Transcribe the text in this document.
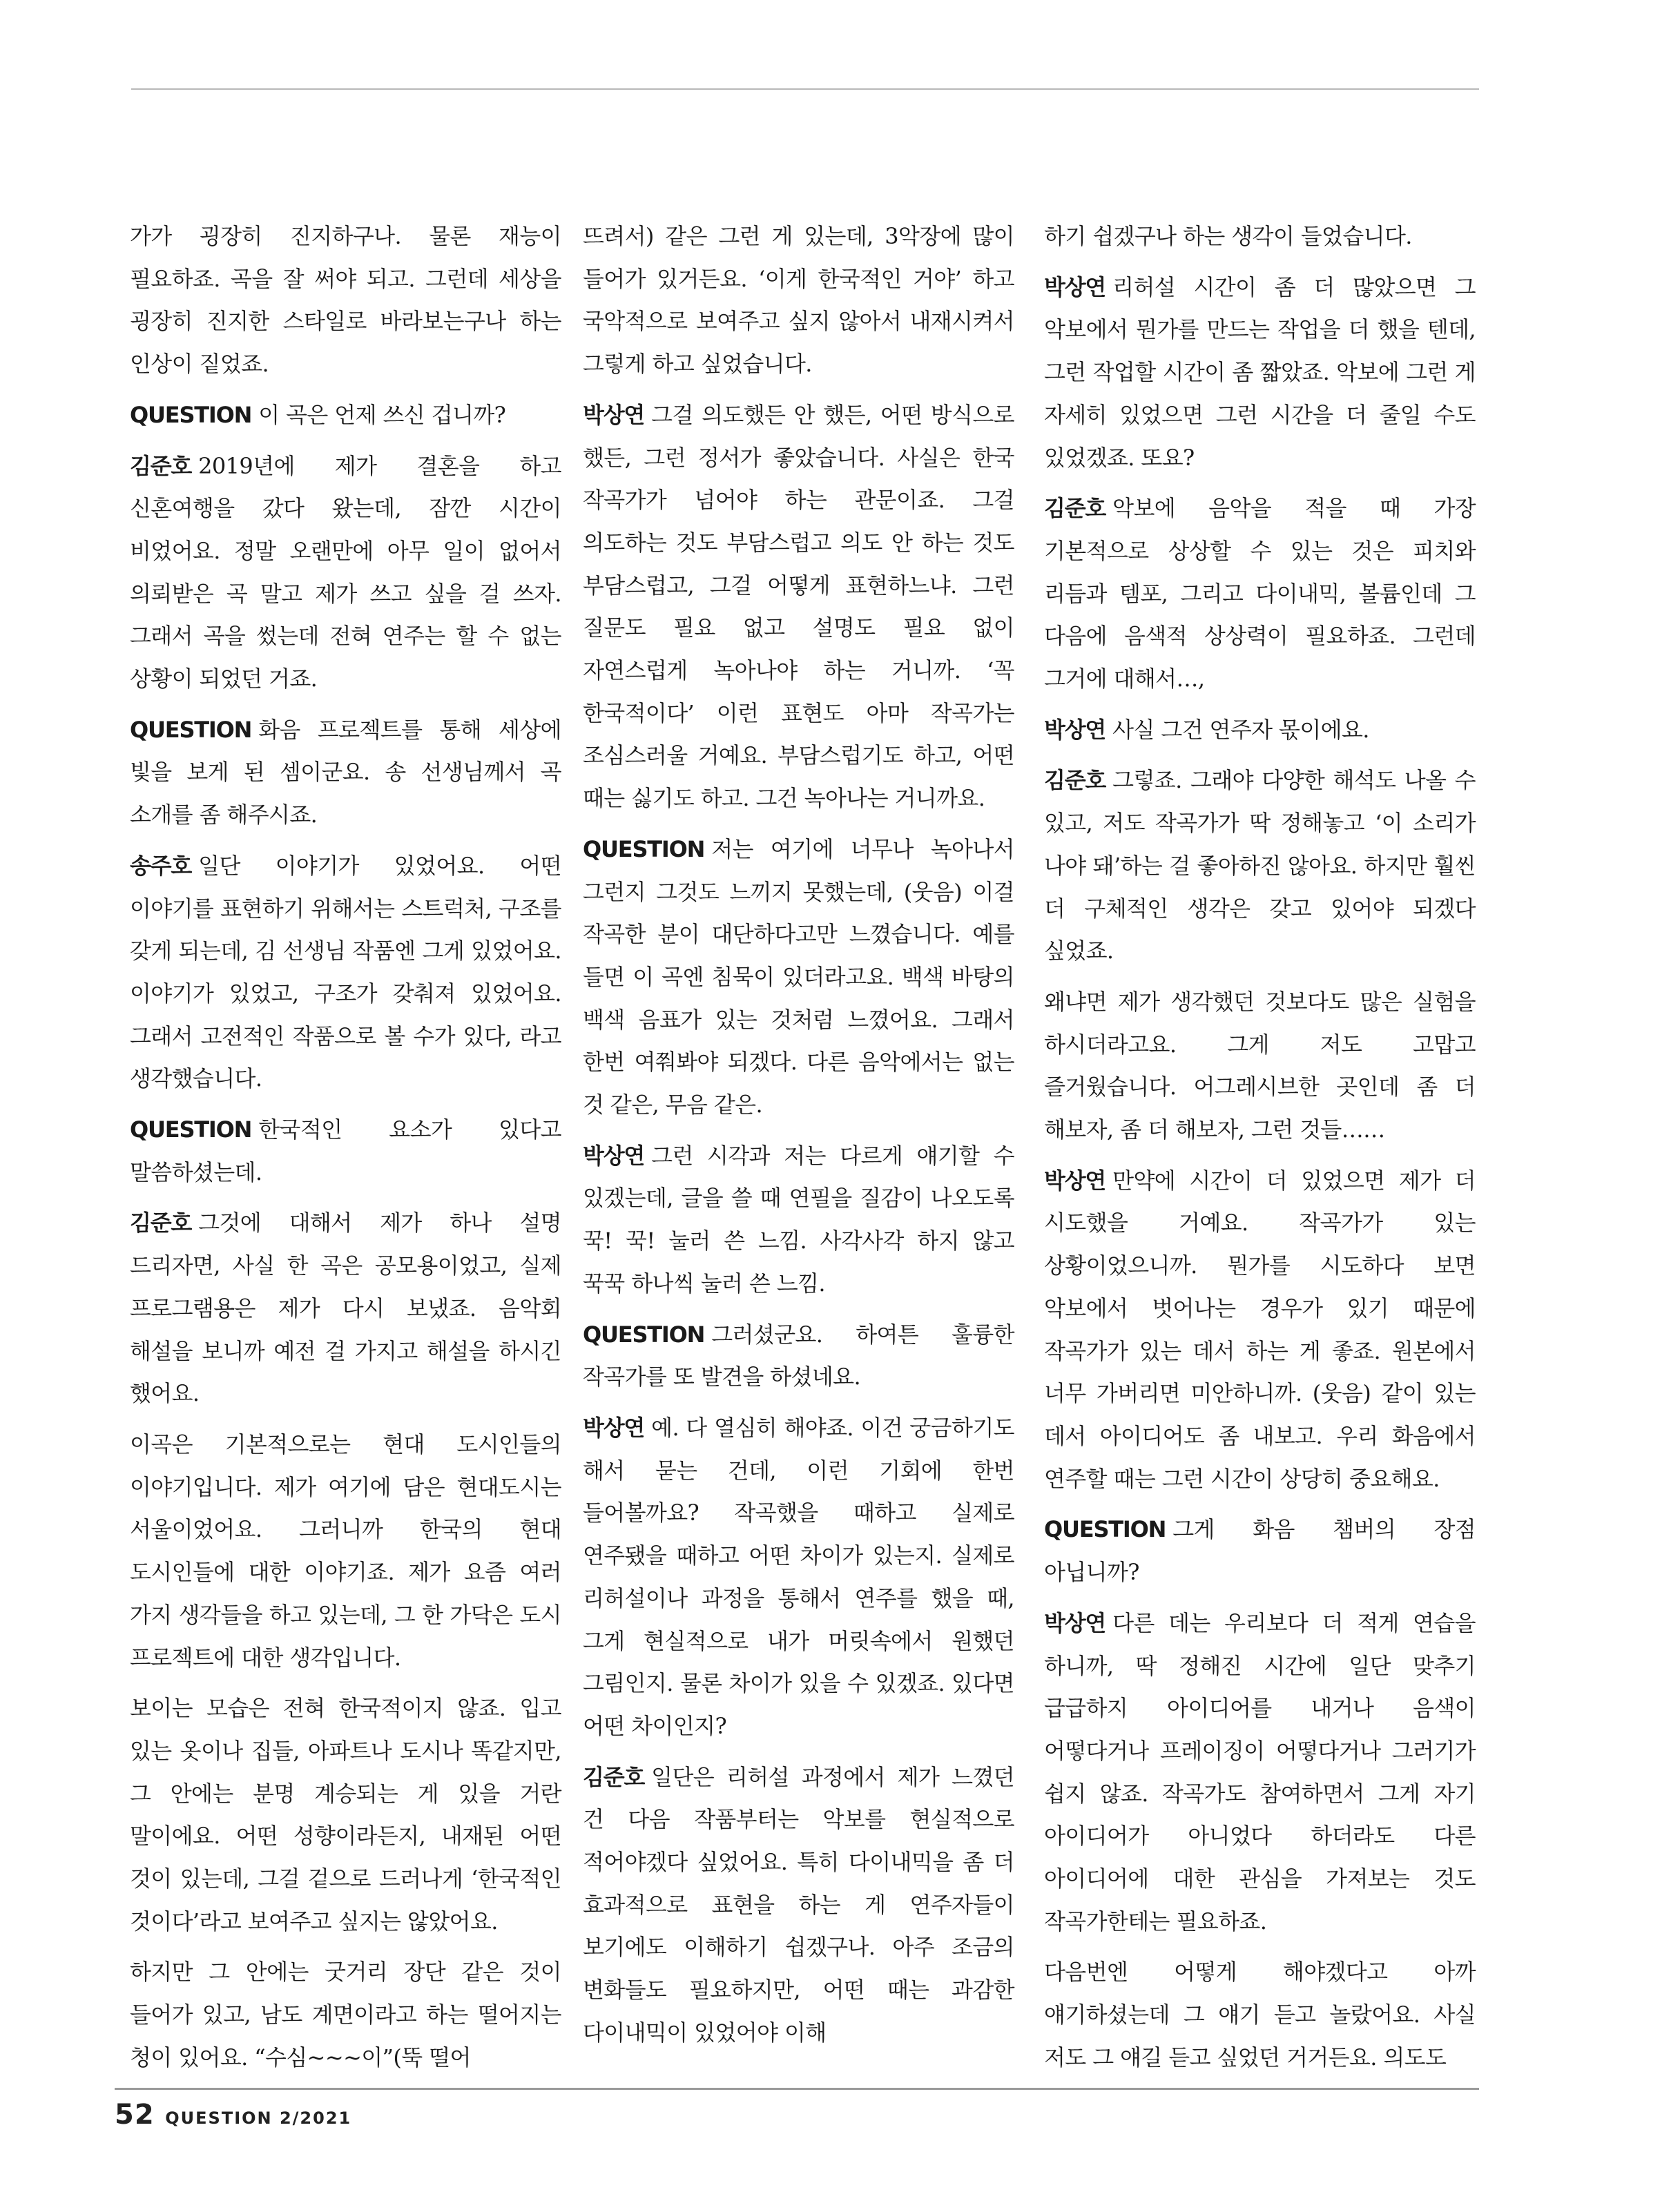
가가 굉장히 진지하구나. 물론 재능이 필요하죠. 곡을 잘 써야 되고. 그런데 세상을 굉장히 진지한 스타일로 바라보는구나 하는 인상이 짙었죠.

QUESTION 이 곡은 언제 쓰신 겁니까?

김준호 2019년에 제가 결혼을 하고 신혼여행을 갔다 왔는데, 잠깐 시간이 비었어요. 정말 오랜만에 아무 일이 없어서 의뢰받은 곡 말고 제가 쓰고 싶을 걸 쓰자. 그래서 곡을 썼는데 전혀 연주는 할 수 없는 상황이 되었던 거죠.

QUESTION 화음 프로젝트를 통해 세상에 빛을 보게 된 셈이군요. 송 선생님께서 곡 소개를 좀 해주시죠.

송주호 일단 이야기가 있었어요. 어떤 이야기를 표현하기 위해서는 스트럭처, 구조를 갖게 되는데, 김 선생님 작품엔 그게 있었어요. 이야기가 있었고, 구조가 갖춰져 있었어요. 그래서 고전적인 작품으로 볼 수가 있다, 라고 생각했습니다.

QUESTION 한국적인 요소가 있다고 말씀하셨는데.

김준호 그것에 대해서 제가 하나 설명 드리자면, 사실 한 곡은 공모용이었고, 실제 프로그램용은 제가 다시 보냈죠. 음악회 해설을 보니까 예전 걸 가지고 해설을 하시긴 했어요.

이곡은 기본적으로는 현대 도시인들의 이야기입니다. 제가 여기에 담은 현대도시는 서울이었어요. 그러니까 한국의 현대 도시인들에 대한 이야기죠. 제가 요즘 여러 가지 생각들을 하고 있는데, 그 한 가닥은 도시 프로젝트에 대한 생각입니다.

보이는 모습은 전혀 한국적이지 않죠. 입고 있는 옷이나 집들, 아파트나 도시나 똑같지만, 그 안에는 분명 계승되는 게 있을 거란 말이에요. 어떤 성향이라든지, 내재된 어떤 것이 있는데, 그걸 겉으로 드러나게 ‘한국적인 것이다’라고 보여주고 싶지는 않았어요.

하지만 그 안에는 굿거리 장단 같은 것이 들어가 있고, 남도 계면이라고 하는 떨어지는 청이 있어요. “수심~~~이”(뚝 떨어

뜨려서) 같은 그런 게 있는데, 3악장에 많이 들어가 있거든요. ‘이게 한국적인 거야’ 하고 국악적으로 보여주고 싶지 않아서 내재시켜서 그렇게 하고 싶었습니다.

박상연 그걸 의도했든 안 했든, 어떤 방식으로 했든, 그런 정서가 좋았습니다. 사실은 한국 작곡가가 넘어야 하는 관문이죠. 그걸 의도하는 것도 부담스럽고 의도 안 하는 것도 부담스럽고, 그걸 어떻게 표현하느냐. 그런 질문도 필요 없고 설명도 필요 없이 자연스럽게 녹아나야 하는 거니까. ‘꼭 한국적이다’ 이런 표현도 아마 작곡가는 조심스러울 거예요. 부담스럽기도 하고, 어떤 때는 싫기도 하고. 그건 녹아나는 거니까요.

QUESTION 저는 여기에 너무나 녹아나서 그런지 그것도 느끼지 못했는데, (웃음) 이걸 작곡한 분이 대단하다고만 느꼈습니다. 예를 들면 이 곡엔 침묵이 있더라고요. 백색 바탕의 백색 음표가 있는 것처럼 느꼈어요. 그래서 한번 여쭤봐야 되겠다. 다른 음악에서는 없는 것 같은, 무음 같은.

박상연 그런 시각과 저는 다르게 얘기할 수 있겠는데, 글을 쓸 때 연필을 질감이 나오도록 꾹! 꾹! 눌러 쓴 느낌. 사각사각 하지 않고 꾹꾹 하나씩 눌러 쓴 느낌.

QUESTION 그러셨군요. 하여튼 훌륭한 작곡가를 또 발견을 하셨네요.

박상연 예. 다 열심히 해야죠. 이건 궁금하기도 해서 묻는 건데, 이런 기회에 한번 들어볼까요? 작곡했을 때하고 실제로 연주됐을 때하고 어떤 차이가 있는지. 실제로 리허설이나 과정을 통해서 연주를 했을 때, 그게 현실적으로 내가 머릿속에서 원했던 그림인지. 물론 차이가 있을 수 있겠죠. 있다면 어떤 차이인지?

김준호 일단은 리허설 과정에서 제가 느꼈던 건 다음 작품부터는 악보를 현실적으로 적어야겠다 싶었어요. 특히 다이내믹을 좀 더 효과적으로 표현을 하는 게 연주자들이 보기에도 이해하기 쉽겠구나. 아주 조금의 변화들도 필요하지만, 어떤 때는 과감한 다이내믹이 있었어야 이해

하기 쉽겠구나 하는 생각이 들었습니다.

박상연 리허설 시간이 좀 더 많았으면 그 악보에서 뭔가를 만드는 작업을 더 했을 텐데, 그런 작업할 시간이 좀 짧았죠. 악보에 그런 게 자세히 있었으면 그런 시간을 더 줄일 수도 있었겠죠. 또요?

김준호 악보에 음악을 적을 때 가장 기본적으로 상상할 수 있는 것은 피치와 리듬과 템포, 그리고 다이내믹, 볼륨인데 그 다음에 음색적 상상력이 필요하죠. 그런데 그거에 대해서…,

박상연 사실 그건 연주자 몫이에요.

김준호 그렇죠. 그래야 다양한 해석도 나올 수 있고, 저도 작곡가가 딱 정해놓고 ‘이 소리가 나야 돼’하는 걸 좋아하진 않아요. 하지만 훨씬 더 구체적인 생각은 갖고 있어야 되겠다 싶었죠.

왜냐면 제가 생각했던 것보다도 많은 실험을 하시더라고요. 그게 저도 고맙고 즐거웠습니다. 어그레시브한 곳인데 좀 더 해보자, 좀 더 해보자, 그런 것들……

박상연 만약에 시간이 더 있었으면 제가 더 시도했을 거예요. 작곡가가 있는 상황이었으니까. 뭔가를 시도하다 보면 악보에서 벗어나는 경우가 있기 때문에 작곡가가 있는 데서 하는 게 좋죠. 원본에서 너무 가버리면 미안하니까. (웃음) 같이 있는 데서 아이디어도 좀 내보고. 우리 화음에서 연주할 때는 그런 시간이 상당히 중요해요.

QUESTION 그게 화음 챔버의 장점 아닙니까?

박상연 다른 데는 우리보다 더 적게 연습을 하니까, 딱 정해진 시간에 일단 맞추기 급급하지 아이디어를 내거나 음색이 어떻다거나 프레이징이 어떻다거나 그러기가 쉽지 않죠. 작곡가도 참여하면서 그게 자기 아이디어가 아니었다 하더라도 다른 아이디어에 대한 관심을 가져보는 것도 작곡가한테는 필요하죠.

다음번엔 어떻게 해야겠다고 아까 얘기하셨는데 그 얘기 듣고 놀랐어요. 사실 저도 그 얘길 듣고 싶었던 거거든요. 의도도

52 QUESTION 2/2021
